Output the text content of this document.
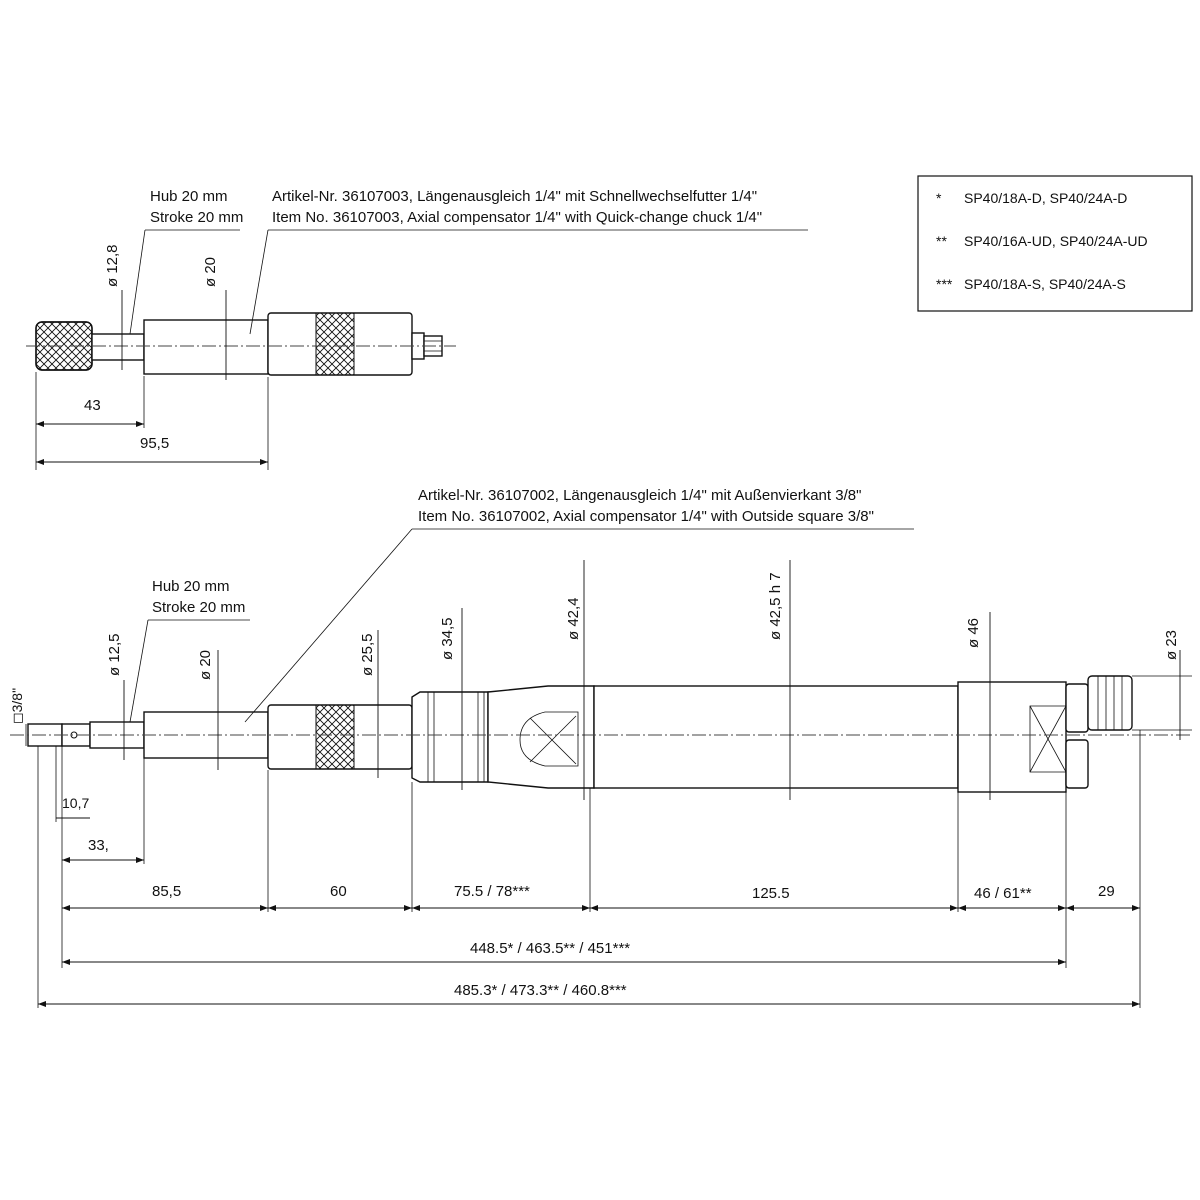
* SP40/18A-D, SP40/24A-D
** SP40/16A-UD, SP40/24A-UD
*** SP40/18A-S, SP40/24A-S
Hub 20 mm
Stroke 20 mm
Artikel-Nr. 36107003, Längenausgleich 1/4" mit Schnellwechselfutter 1/4"
Item No. 36107003, Axial compensator 1/4" with Quick-change chuck 1/4"
ø 12,8	ø 20
43
95,5
Artikel-Nr. 36107002, Längenausgleich 1/4" mit Außenvierkant 3/8"
Item No. 36107002, Axial compensator 1/4" with Outside square 3/8"
Hub 20 mm
Stroke 20 mm
◻3/8"
ø 12,5	ø 20	ø 25,5	ø 34,5	ø 42,4	ø 42,5 h 7	ø 46	ø 23
10,7
33,
85,5	60	75.5 / 78***	125.5	46 / 61**	29
448.5* / 463.5** / 451***
485.3* / 473.3** / 460.8***
